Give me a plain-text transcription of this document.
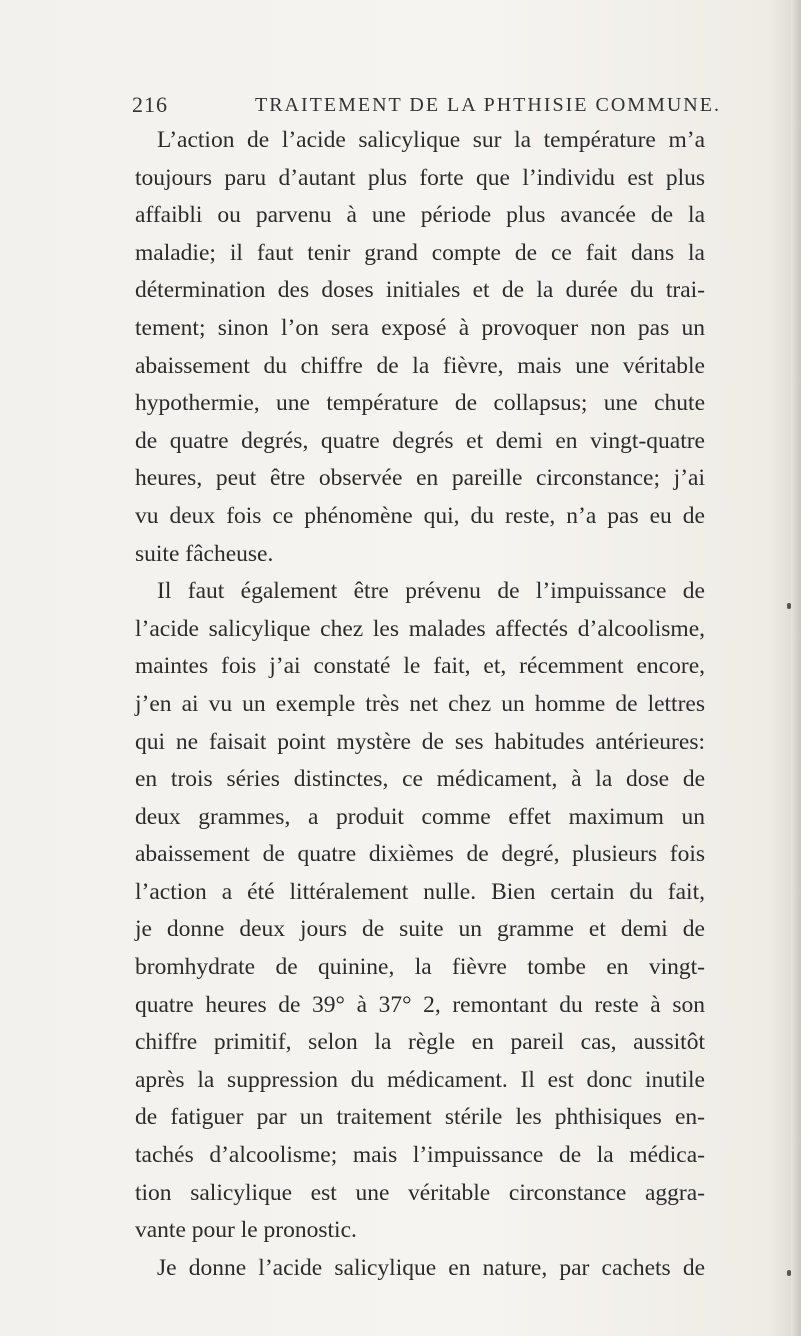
216	TRAITEMENT DE LA PHTHISIE COMMUNE.
L’action de l’acide salicylique sur la température m’a
toujours paru d’autant plus forte que l’individu est plus
affaibli ou parvenu à une période plus avancée de la
maladie; il faut tenir grand compte de ce fait dans la
détermination des doses initiales et de la durée du trai-
tement; sinon l’on sera exposé à provoquer non pas un
abaissement du chiffre de la fièvre, mais une véritable
hypothermie, une température de collapsus; une chute
de quatre degrés, quatre degrés et demi en vingt-quatre
heures, peut être observée en pareille circonstance; j’ai
vu deux fois ce phénomène qui, du reste, n’a pas eu de
suite fâcheuse.
Il faut également être prévenu de l’impuissance de
l’acide salicylique chez les malades affectés d’alcoolisme,
maintes fois j’ai constaté le fait, et, récemment encore,
j’en ai vu un exemple très net chez un homme de lettres
qui ne faisait point mystère de ses habitudes antérieures:
en trois séries distinctes, ce médicament, à la dose de
deux grammes, a produit comme effet maximum un
abaissement de quatre dixièmes de degré, plusieurs fois
l’action a été littéralement nulle. Bien certain du fait,
je donne deux jours de suite un gramme et demi de
bromhydrate de quinine, la fièvre tombe en vingt-
quatre heures de 39° à 37° 2, remontant du reste à son
chiffre primitif, selon la règle en pareil cas, aussitôt
après la suppression du médicament. Il est donc inutile
de fatiguer par un traitement stérile les phthisiques en-
tachés d’alcoolisme; mais l’impuissance de la médica-
tion salicylique est une véritable circonstance aggra-
vante pour le pronostic.
Je donne l’acide salicylique en nature, par cachets de
